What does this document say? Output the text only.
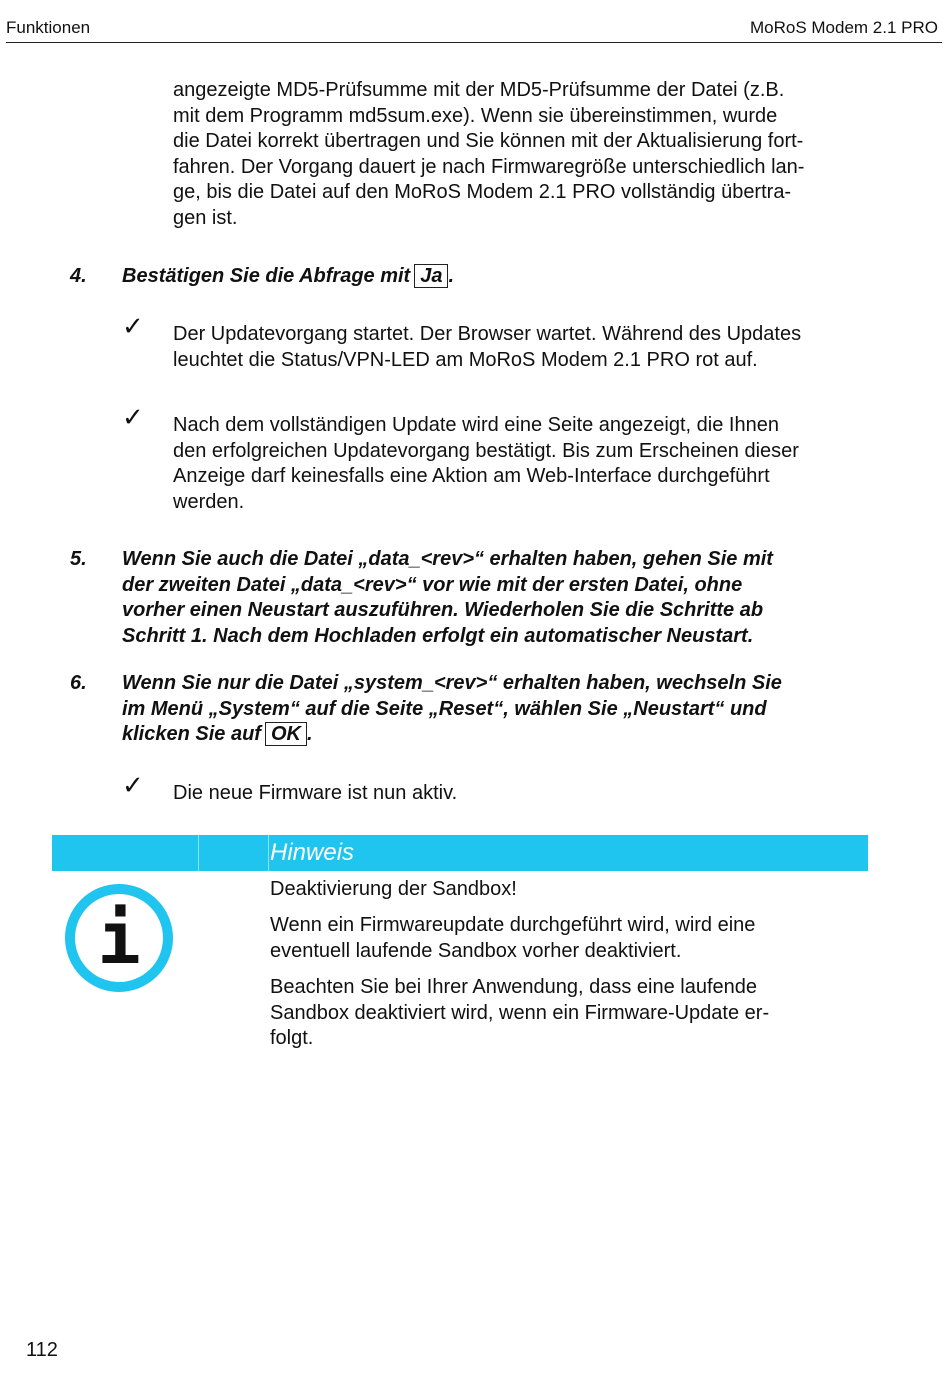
Funktionen	MoRoS Modem 2.1 PRO
angezeigte MD5-Prüfsumme mit der MD5-Prüfsumme der Datei (z.B.
mit dem Programm md5sum.exe). Wenn sie übereinstimmen, wurde
die Datei korrekt übertragen und Sie können mit der Aktualisierung fort-
fahren. Der Vorgang dauert je nach Firmwaregröße unterschiedlich lan-
ge, bis die Datei auf den MoRoS Modem 2.1 PRO vollständig übertra-
gen ist.
4. Bestätigen Sie die Abfrage mit Ja .
✓ Der Updatevorgang startet. Der Browser wartet. Während des Updates
leuchtet die Status/VPN-LED am MoRoS Modem 2.1 PRO rot auf.
✓ Nach dem vollständigen Update wird eine Seite angezeigt, die Ihnen
den erfolgreichen Updatevorgang bestätigt. Bis zum Erscheinen dieser
Anzeige darf keinesfalls eine Aktion am Web-Interface durchgeführt
werden.
5. Wenn Sie auch die Datei „data_<rev>“ erhalten haben, gehen Sie mit
der zweiten Datei „data_<rev>“ vor wie mit der ersten Datei, ohne
vorher einen Neustart auszuführen. Wiederholen Sie die Schritte ab
Schritt 1. Nach dem Hochladen erfolgt ein automatischer Neustart.
6. Wenn Sie nur die Datei „system_<rev>“ erhalten haben, wechseln Sie
im Menü „System“ auf die Seite „Reset“, wählen Sie „Neustart“ und
klicken Sie auf OK .
✓ Die neue Firmware ist nun aktiv.
Hinweis
i
Deaktivierung der Sandbox!
Wenn ein Firmwareupdate durchgeführt wird, wird eine
eventuell laufende Sandbox vorher deaktiviert.
Beachten Sie bei Ihrer Anwendung, dass eine laufende
Sandbox deaktiviert wird, wenn ein Firmware-Update er-
folgt.
112
